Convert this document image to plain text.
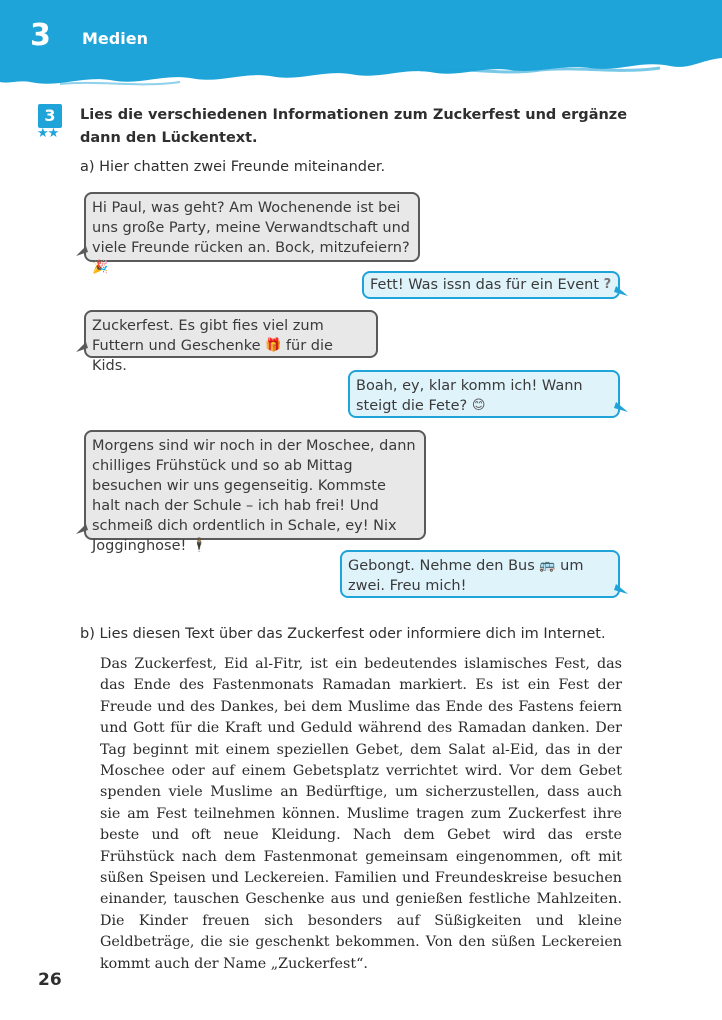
3 Medien
3
★★
Lies die verschiedenen Informationen zum Zuckerfest und ergänze dann den Lückentext.
a) Hier chatten zwei Freunde miteinander.
Hi Paul, was geht? Am Wochenende ist bei uns große Party, meine Verwandtschaft und viele Freunde rücken an. Bock, mitzufeiern? 🎉
Fett! Was issn das für ein Event ?
Zuckerfest. Es gibt fies viel zum Futtern und Geschenke 🎁 für die Kids.
Boah, ey, klar komm ich! Wann steigt die Fete? 😊
Morgens sind wir noch in der Moschee, dann chilliges Frühstück und so ab Mittag besuchen wir uns gegenseitig. Kommste halt nach der Schule – ich hab frei! Und schmeiß dich ordentlich in Schale, ey! Nix Jogginghose! 🕴
Gebongt. Nehme den Bus 🚌 um zwei. Freu mich!
b) Lies diesen Text über das Zuckerfest oder informiere dich im Internet.
Das Zuckerfest, Eid al-Fitr, ist ein bedeutendes islamisches Fest, das das Ende des Fastenmonats Ramadan markiert. Es ist ein Fest der Freude und des Dankes, bei dem Muslime das Ende des Fastens feiern und Gott für die Kraft und Geduld während des Ramadan danken. Der Tag beginnt mit einem speziellen Gebet, dem Salat al-Eid, das in der Moschee oder auf einem Gebetsplatz verrichtet wird. Vor dem Gebet spenden viele Muslime an Bedürftige, um sicherzustellen, dass auch sie am Fest teilnehmen können. Muslime tragen zum Zuckerfest ihre beste und oft neue Kleidung. Nach dem Gebet wird das erste Frühstück nach dem Fastenmonat gemeinsam eingenommen, oft mit süßen Speisen und Leckereien. Familien und Freundeskreise besuchen einander, tauschen Geschenke aus und genießen festliche Mahlzeiten. Die Kinder freuen sich besonders auf Süßigkeiten und kleine Geldbeträge, die sie geschenkt bekommen. Von den süßen Leckereien kommt auch der Name „Zuckerfest“.
26
